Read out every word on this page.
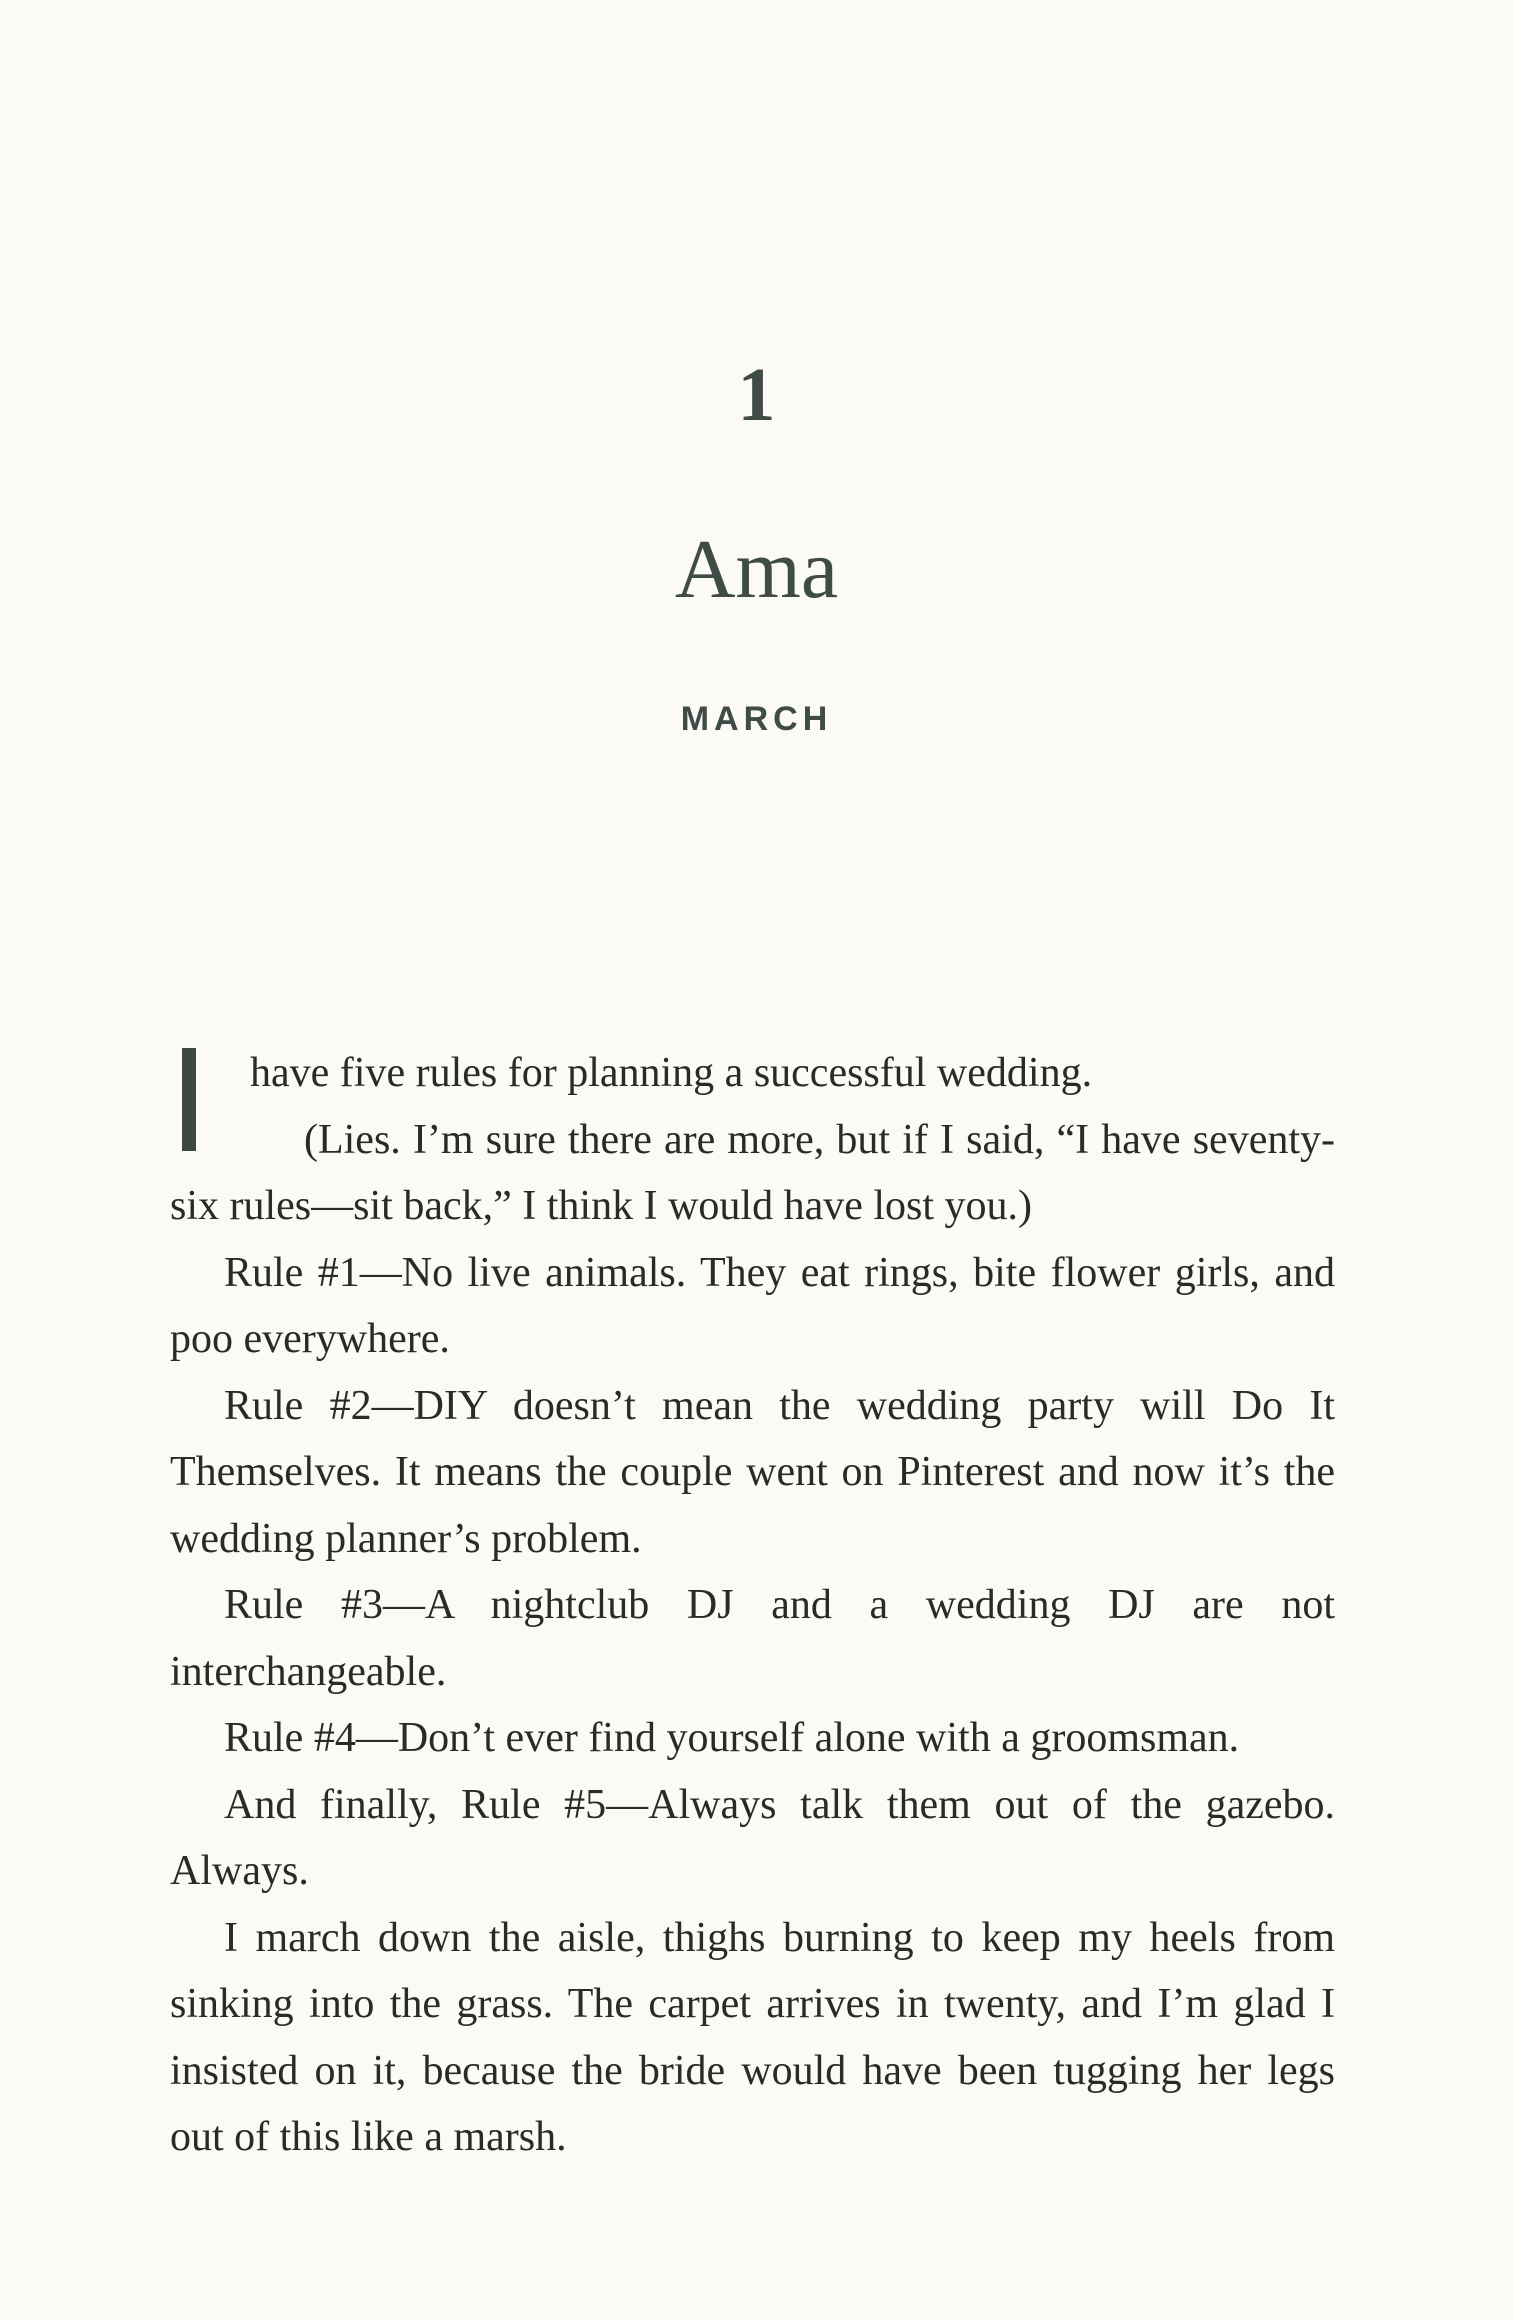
1
Ama
MARCH

have five rules for planning a successful wedding.

(Lies. I’m sure there are more, but if I said, “I have seventy-six rules—sit back,” I think I would have lost you.)

Rule #1—No live animals. They eat rings, bite flower girls, and poo everywhere.

Rule #2—DIY doesn’t mean the wedding party will Do It Themselves. It means the couple went on Pinterest and now it’s the wedding planner’s problem.

Rule #3—A nightclub DJ and a wedding DJ are not interchangeable.

Rule #4—Don’t ever find yourself alone with a groomsman.

And finally, Rule #5—Always talk them out of the gazebo. Always.

I march down the aisle, thighs burning to keep my heels from sinking into the grass. The carpet arrives in twenty, and I’m glad I insisted on it, because the bride would have been tugging her legs out of this like a marsh.
